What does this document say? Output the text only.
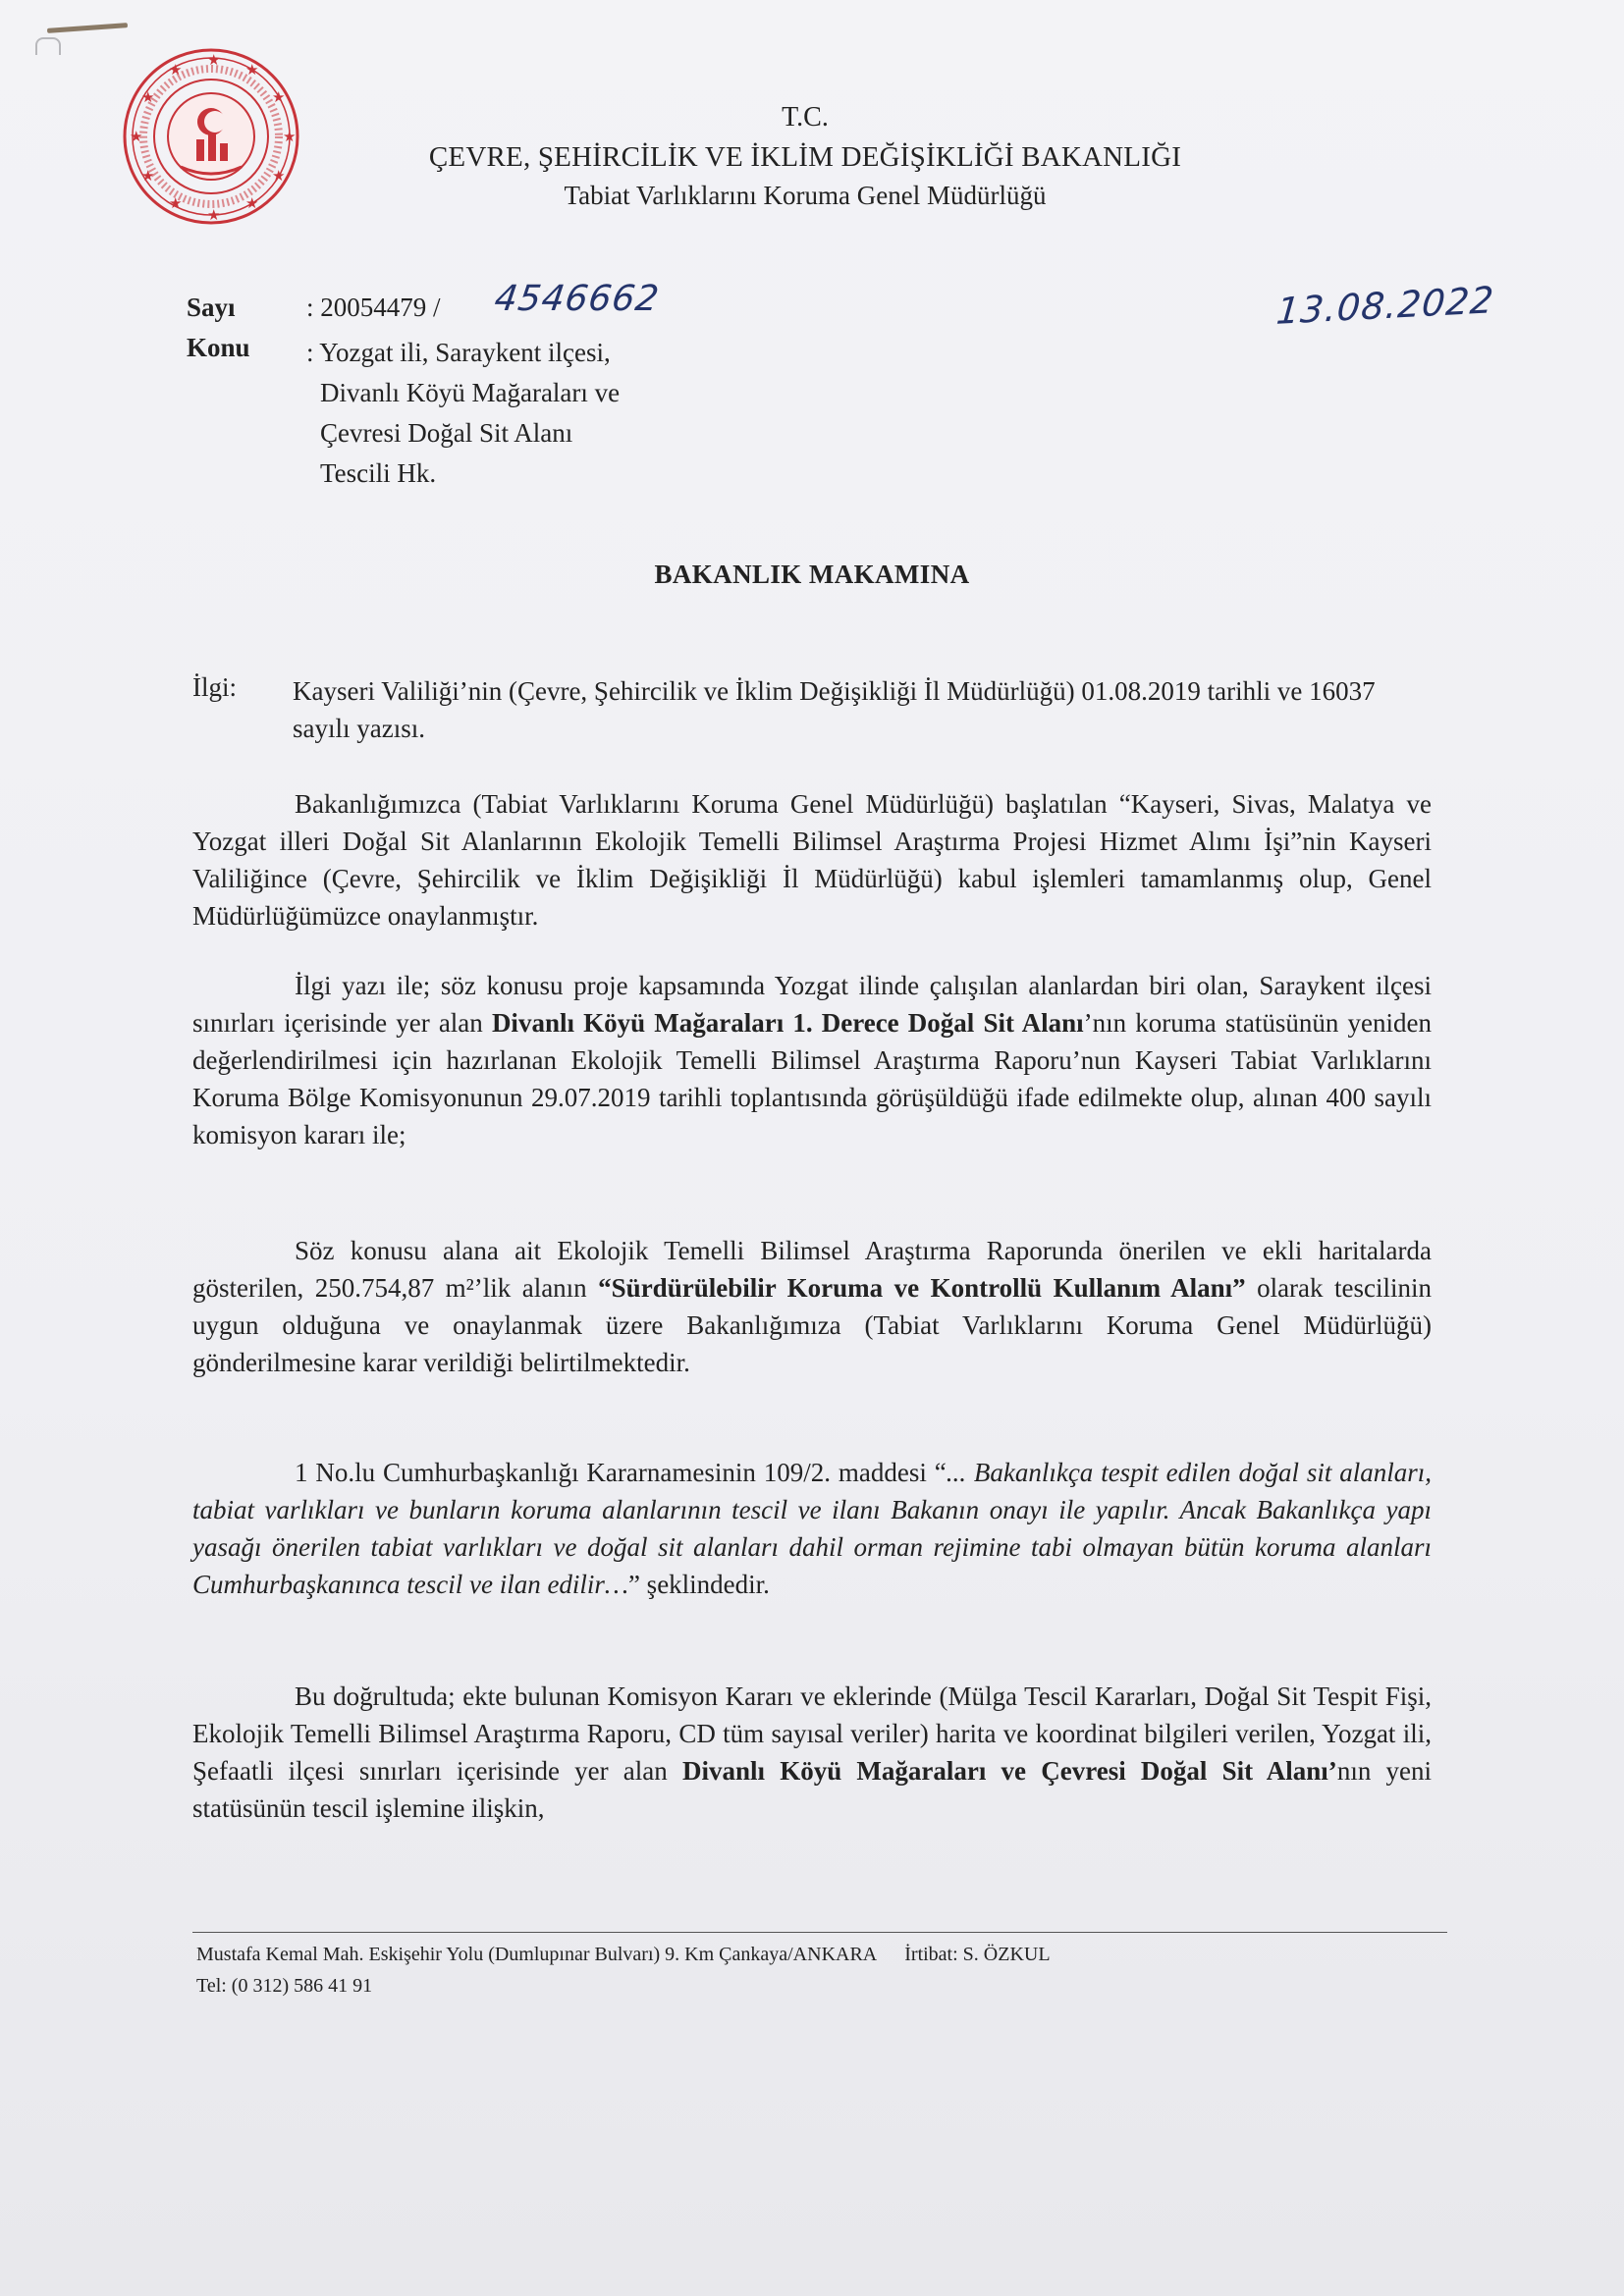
★
★
★
★
★
★
★
★
★
★
★
★
T.C.
ÇEVRE, ŞEHİRCİLİK VE İKLİM DEĞİŞİKLİĞİ BAKANLIĞI
Tabiat Varlıklarını Koruma Genel Müdürlüğü
Sayı	: 20054479 / 4546662	13.08.2022
Konu : Yozgat ili, Saraykent ilçesi,
Divanlı Köyü Mağaraları ve
Çevresi Doğal Sit Alanı
Tescili Hk.
BAKANLIK MAKAMINA
İlgi: Kayseri Valiliği’nin (Çevre, Şehircilik ve İklim Değişikliği İl Müdürlüğü) 01.08.2019 tarihli ve 16037 sayılı yazısı.
Bakanlığımızca (Tabiat Varlıklarını Koruma Genel Müdürlüğü) başlatılan “Kayseri, Sivas, Malatya ve Yozgat illeri Doğal Sit Alanlarının Ekolojik Temelli Bilimsel Araştırma Projesi Hizmet Alımı İşi”nin Kayseri Valiliğince (Çevre, Şehircilik ve İklim Değişikliği İl Müdürlüğü) kabul işlemleri tamamlanmış olup, Genel Müdürlüğümüzce onaylanmıştır.
İlgi yazı ile; söz konusu proje kapsamında Yozgat ilinde çalışılan alanlardan biri olan, Saraykent ilçesi sınırları içerisinde yer alan Divanlı Köyü Mağaraları 1. Derece Doğal Sit Alanı’nın koruma statüsünün yeniden değerlendirilmesi için hazırlanan Ekolojik Temelli Bilimsel Araştırma Raporu’nun Kayseri Tabiat Varlıklarını Koruma Bölge Komisyonunun 29.07.2019 tarihli toplantısında görüşüldüğü ifade edilmekte olup, alınan 400 sayılı komisyon kararı ile;
Söz konusu alana ait Ekolojik Temelli Bilimsel Araştırma Raporunda önerilen ve ekli haritalarda gösterilen, 250.754,87 m²’lik alanın “Sürdürülebilir Koruma ve Kontrollü Kullanım Alanı” olarak tescilinin uygun olduğuna ve onaylanmak üzere Bakanlığımıza (Tabiat Varlıklarını Koruma Genel Müdürlüğü) gönderilmesine karar verildiği belirtilmektedir.
1 No.lu Cumhurbaşkanlığı Kararnamesinin 109/2. maddesi “... Bakanlıkça tespit edilen doğal sit alanları, tabiat varlıkları ve bunların koruma alanlarının tescil ve ilanı Bakanın onayı ile yapılır. Ancak Bakanlıkça yapı yasağı önerilen tabiat varlıkları ve doğal sit alanları dahil orman rejimine tabi olmayan bütün koruma alanları Cumhurbaşkanınca tescil ve ilan edilir…” şeklindedir.
Bu doğrultuda; ekte bulunan Komisyon Kararı ve eklerinde (Mülga Tescil Kararları, Doğal Sit Tespit Fişi, Ekolojik Temelli Bilimsel Araştırma Raporu, CD tüm sayısal veriler) harita ve koordinat bilgileri verilen, Yozgat ili, Şefaatli ilçesi sınırları içerisinde yer alan Divanlı Köyü Mağaraları ve Çevresi Doğal Sit Alanı’nın yeni statüsünün tescil işlemine ilişkin,
Mustafa Kemal Mah. Eskişehir Yolu (Dumlupınar Bulvarı) 9. Km Çankaya/ANKARA İrtibat: S. ÖZKUL
Tel: (0 312) 586 41 91
